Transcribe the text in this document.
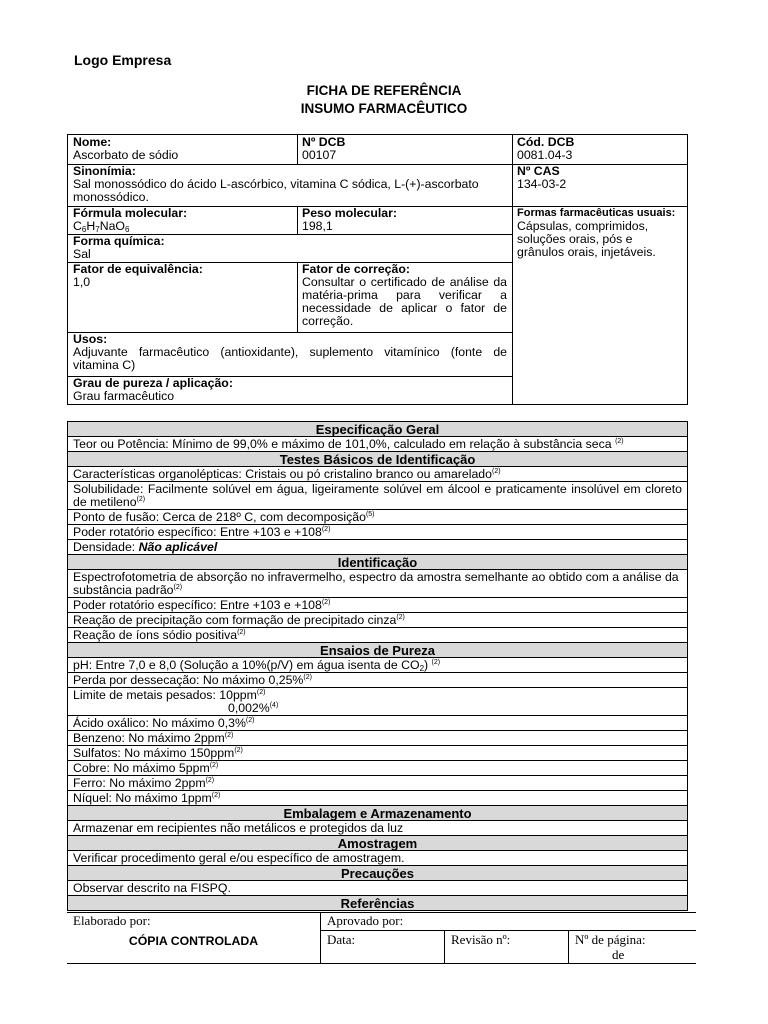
Logo Empresa
FICHA DE REFERÊNCIA
INSUMO FARMACÊUTICO
Nome:
Ascorbato de sódio
Nº DCB
00107
Cód. DCB
0081.04-3
Sinonímia:
Sal monossódico do ácido L-ascórbico, vitamina C sódica, L-(+)-ascorbato monossódico.
Nº CAS
134-03-2
Fórmula molecular:
$C_6H_7NaO_6$
Peso molecular:
198,1
Formas farmacêuticas usuais:
Cápsulas, comprimidos, soluções orais, pós e grânulos orais, injetáveis.
Forma química:
Sal
Fator de equivalência:
1,0
Fator de correção:
Consultar o certificado de análise da matéria-prima para verificar a necessidade de aplicar o fator de correção.
Usos:
Adjuvante farmacêutico (antioxidante), suplemento vitamínico (fonte de vitamina C)
Grau de pureza / aplicação:
Grau farmacêutico
Especificação Geral
Teor ou Potência: Mínimo de 99,0% e máximo de 101,0%, calculado em relação à substância seca $^{(2)}$
Testes Básicos de Identificação
Características organolépticas: Cristais ou pó cristalino branco ou amarelado$^{(2)}$
Solubilidade: Facilmente solúvel em água, ligeiramente solúvel em álcool e praticamente insolúvel em cloreto de metileno$^{(2)}$
Ponto de fusão: Cerca de 218º C, com decomposição$^{(5)}$
Poder rotatório específico: Entre +103 $e +108^{(2)}$
Densidade: Não aplicável
Identificação
Espectrofotometria de absorção no infravermelho, espectro da amostra semelhante ao obtido com a análise da substância padrão$^{(2)}$
Poder rotatório específico: Entre +103 $e +108^{(2)}$
Reação de precipitação com formação de precipitado cinza$^{(2)}$
Reação de íons sódio positiva$^{(2)}$
Ensaios de Pureza
pH: Entre 7,0 e 8,0 (Solução a 10%(p/V) em água isenta de $CO_2$) $^{(2)}$
Perda por dessecação: No máximo 0,25%$^{(2)}$
Limite de metais pesados: 10ppm$^{(2)}$
0,002%$^{(4)}$
Ácido oxálico: No máximo 0,3%$^{(2)}$
Benzeno: No máximo 2ppm$^{(2)}$
Sulfatos: No máximo 150ppm$^{(2)}$
Cobre: No máximo 5ppm$^{(2)}$
Ferro: No máximo 2ppm$^{(2)}$
Níquel: No máximo 1ppm$^{(2)}$
Embalagem e Armazenamento
Armazenar em recipientes não metálicos e protegidos da luz
Amostragem
Verificar procedimento geral e/ou específico de amostragem.
Precauções
Observar descrito na FISPQ.
Referências
Elaborado por:	Aprovado por:
CÓPIA CONTROLADA	Data:	Revisão nº:	Nº de página:
de
